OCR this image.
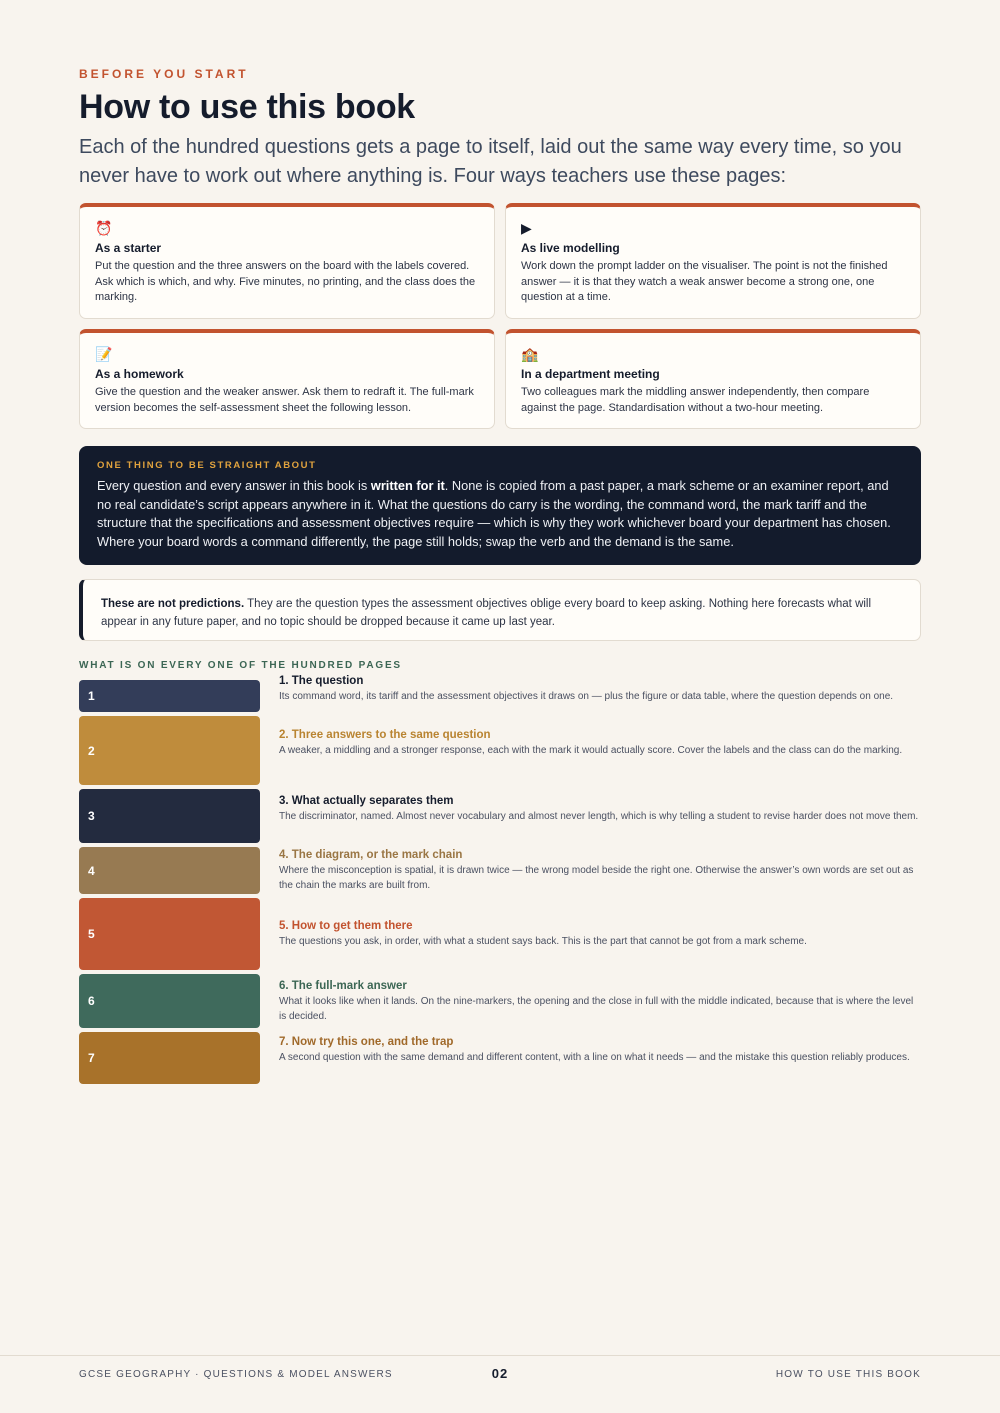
BEFORE YOU START
How to use this book

Each of the hundred questions gets a page to itself, laid out the same way every time, so you never have to work out where anything is. Four ways teachers use these pages:

⏰
As a starter
Put the question and the three answers on the board with the labels covered. Ask which is which, and why. Five minutes, no printing, and the class does the marking.
▶
As live modelling
Work down the prompt ladder on the visualiser. The point is not the finished answer — it is that they watch a weak answer become a strong one, one question at a time.
📝
As a homework
Give the question and the weaker answer. Ask them to redraft it. The full-mark version becomes the self-assessment sheet the following lesson.
🏫
In a department meeting
Two colleagues mark the middling answer independently, then compare against the page. Standardisation without a two-hour meeting.
ONE THING TO BE STRAIGHT ABOUT

Every question and every answer in this book is written for it. None is copied from a past paper, a mark scheme or an examiner report, and no real candidate’s script appears anywhere in it. What the questions do carry is the wording, the command word, the mark tariff and the structure that the specifications and assessment objectives require — which is why they work whichever board your department has chosen. Where your board words a command differently, the page still holds; swap the verb and the demand is the same.

These are not predictions. They are the question types the assessment objectives oblige every board to keep asking. Nothing here forecasts what will appear in any future paper, and no topic should be dropped because it came up last year.
WHAT IS ON EVERY ONE OF THE HUNDRED PAGES
1
1. The question
Its command word, its tariff and the assessment objectives it draws on — plus the figure or data table, where the question depends on one.
2
2. Three answers to the same question
A weaker, a middling and a stronger response, each with the mark it would actually score. Cover the labels and the class can do the marking.
3
3. What actually separates them
The discriminator, named. Almost never vocabulary and almost never length, which is why telling a student to revise harder does not move them.
4
4. The diagram, or the mark chain
Where the misconception is spatial, it is drawn twice — the wrong model beside the right one. Otherwise the answer’s own words are set out as the chain the marks are built from.
5
5. How to get them there
The questions you ask, in order, with what a student says back. This is the part that cannot be got from a mark scheme.
6
6. The full-mark answer
What it looks like when it lands. On the nine-markers, the opening and the close in full with the middle indicated, because that is where the level is decided.
7
7. Now try this one, and the trap
A second question with the same demand and different content, with a line on what it needs — and the mistake this question reliably produces.
GCSE GEOGRAPHY · QUESTIONS & MODEL ANSWERS	02	HOW TO USE THIS BOOK
